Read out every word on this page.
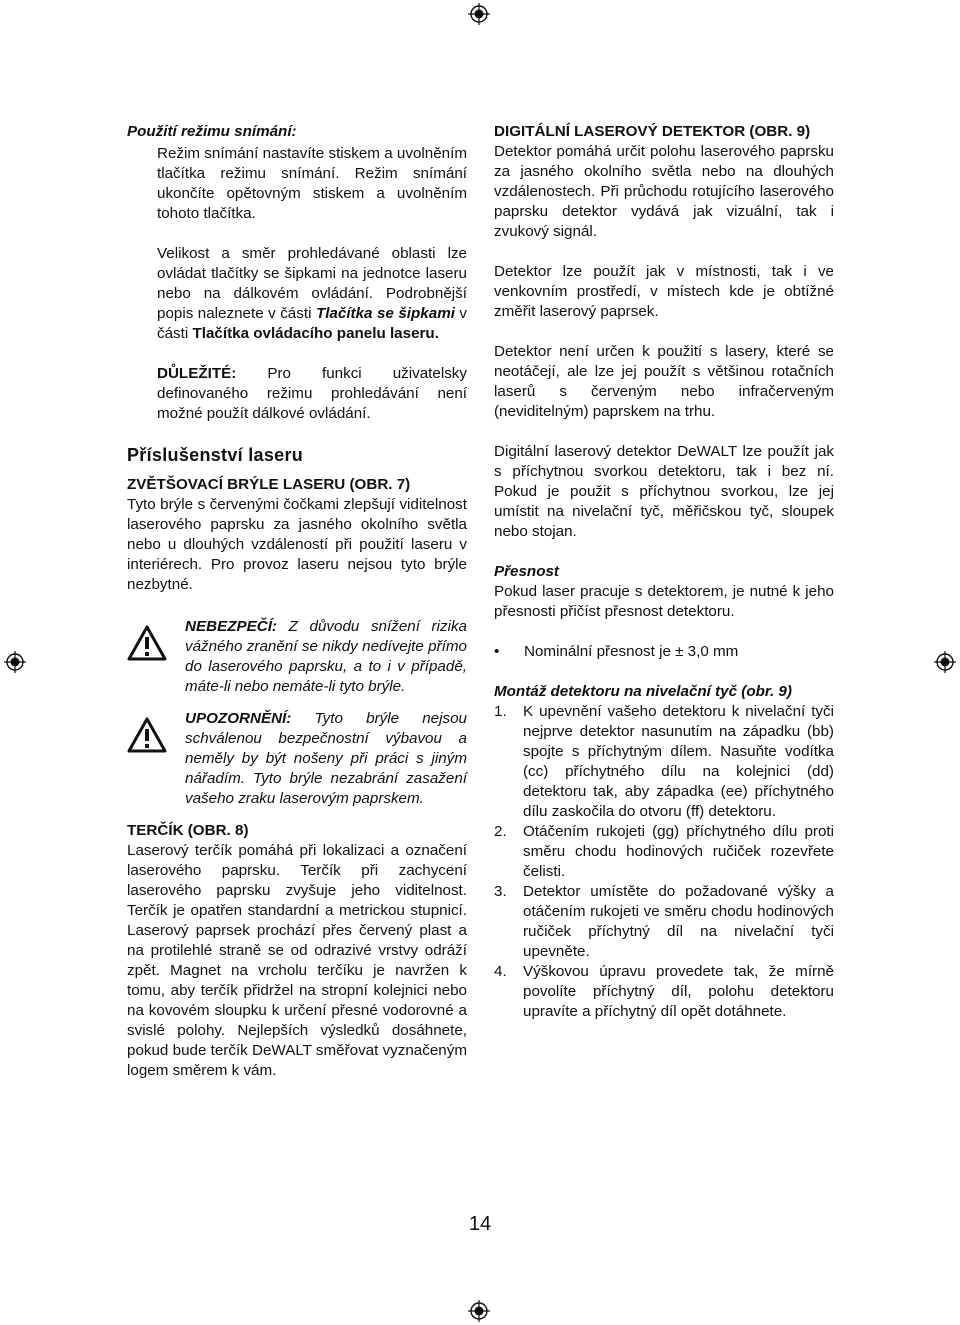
Použití režimu snímání:

Režim snímání nastavíte stiskem a uvolněním tlačítka režimu snímání. Režim snímání ukončíte opětovným stiskem a uvolněním tohoto tlačítka.

Velikost a směr prohledávané oblasti lze ovládat tlačítky se šipkami na jednotce laseru nebo na dálkovém ovládání. Podrobnější popis naleznete v části Tlačítka se šipkami v části Tlačítka ovládacího panelu laseru.

DŮLEŽITÉ: Pro funkci uživatelsky definovaného režimu prohledávání není možné použít dálkové ovládání.

Příslušenství laseru

ZVĚTŠOVACÍ BRÝLE LASERU (OBR. 7)

Tyto brýle s červenými čočkami zlepšují viditelnost laserového paprsku za jasného okolního světla nebo u dlouhých vzdáleností při použití laseru v interiérech. Pro provoz laseru nejsou tyto brýle nezbytné.

NEBEZPEČÍ: Z důvodu snížení rizika vážného zranění se nikdy nedívejte přímo do laserového paprsku, a to i v případě, máte-li nebo nemáte-li tyto brýle.

UPOZORNĚNÍ: Tyto brýle nejsou schválenou bezpečnostní výbavou a neměly by být nošeny při práci s jiným nářadím. Tyto brýle nezabrání zasažení vašeho zraku laserovým paprskem.

TERČÍK (OBR. 8)

Laserový terčík pomáhá při lokalizaci a označení laserového paprsku. Terčík při zachycení laserového paprsku zvyšuje jeho viditelnost. Terčík je opatřen standardní a metrickou stupnicí. Laserový paprsek prochází přes červený plast a na protilehlé straně se od odrazivé vrstvy odráží zpět. Magnet na vrcholu terčíku je navržen k tomu, aby terčík přidržel na stropní kolejnici nebo na kovovém sloupku k určení přesné vodorovné a svislé polohy. Nejlepších výsledků dosáhnete, pokud bude terčík DeWALT směřovat vyznačeným logem směrem k vám.

DIGITÁLNÍ LASEROVÝ DETEKTOR (OBR. 9)

Detektor pomáhá určit polohu laserového paprsku za jasného okolního světla nebo na dlouhých vzdálenostech. Při průchodu rotujícího laserového paprsku detektor vydává jak vizuální, tak i zvukový signál.

Detektor lze použít jak v místnosti, tak i ve venkovním prostředí, v místech kde je obtížné změřit laserový paprsek.

Detektor není určen k použití s lasery, které se neotáčejí, ale lze jej použít s většinou rotačních laserů s červeným nebo infračerveným (neviditelným) paprskem na trhu.

Digitální laserový detektor DeWALT lze použít jak s příchytnou svorkou detektoru, tak i bez ní. Pokud je použit s příchytnou svorkou, lze jej umístit na nivelační tyč, měřičskou tyč, sloupek nebo stojan.

Přesnost

Pokud laser pracuje s detektorem, je nutné k jeho přesnosti přičíst přesnost detektoru.

• Nominální přesnost je ± 3,0 mm

Montáž detektoru na nivelační tyč (obr. 9)

1. K upevnění vašeho detektoru k nivelační tyči nejprve detektor nasunutím na západku (bb) spojte s příchytným dílem. Nasuňte vodítka (cc) příchytného dílu na kolejnici (dd) detektoru tak, aby západka (ee) příchytného dílu zaskočila do otvoru (ff) detektoru.
2. Otáčením rukojeti (gg) příchytného dílu proti směru chodu hodinových ručiček rozevřete čelisti.
3. Detektor umístěte do požadované výšky a otáčením rukojeti ve směru chodu hodinových ručiček příchytný díl na nivelační tyči upevněte.
4. Výškovou úpravu provedete tak, že mírně povolíte příchytný díl, polohu detektoru upravíte a příchytný díl opět dotáhnete.
14
